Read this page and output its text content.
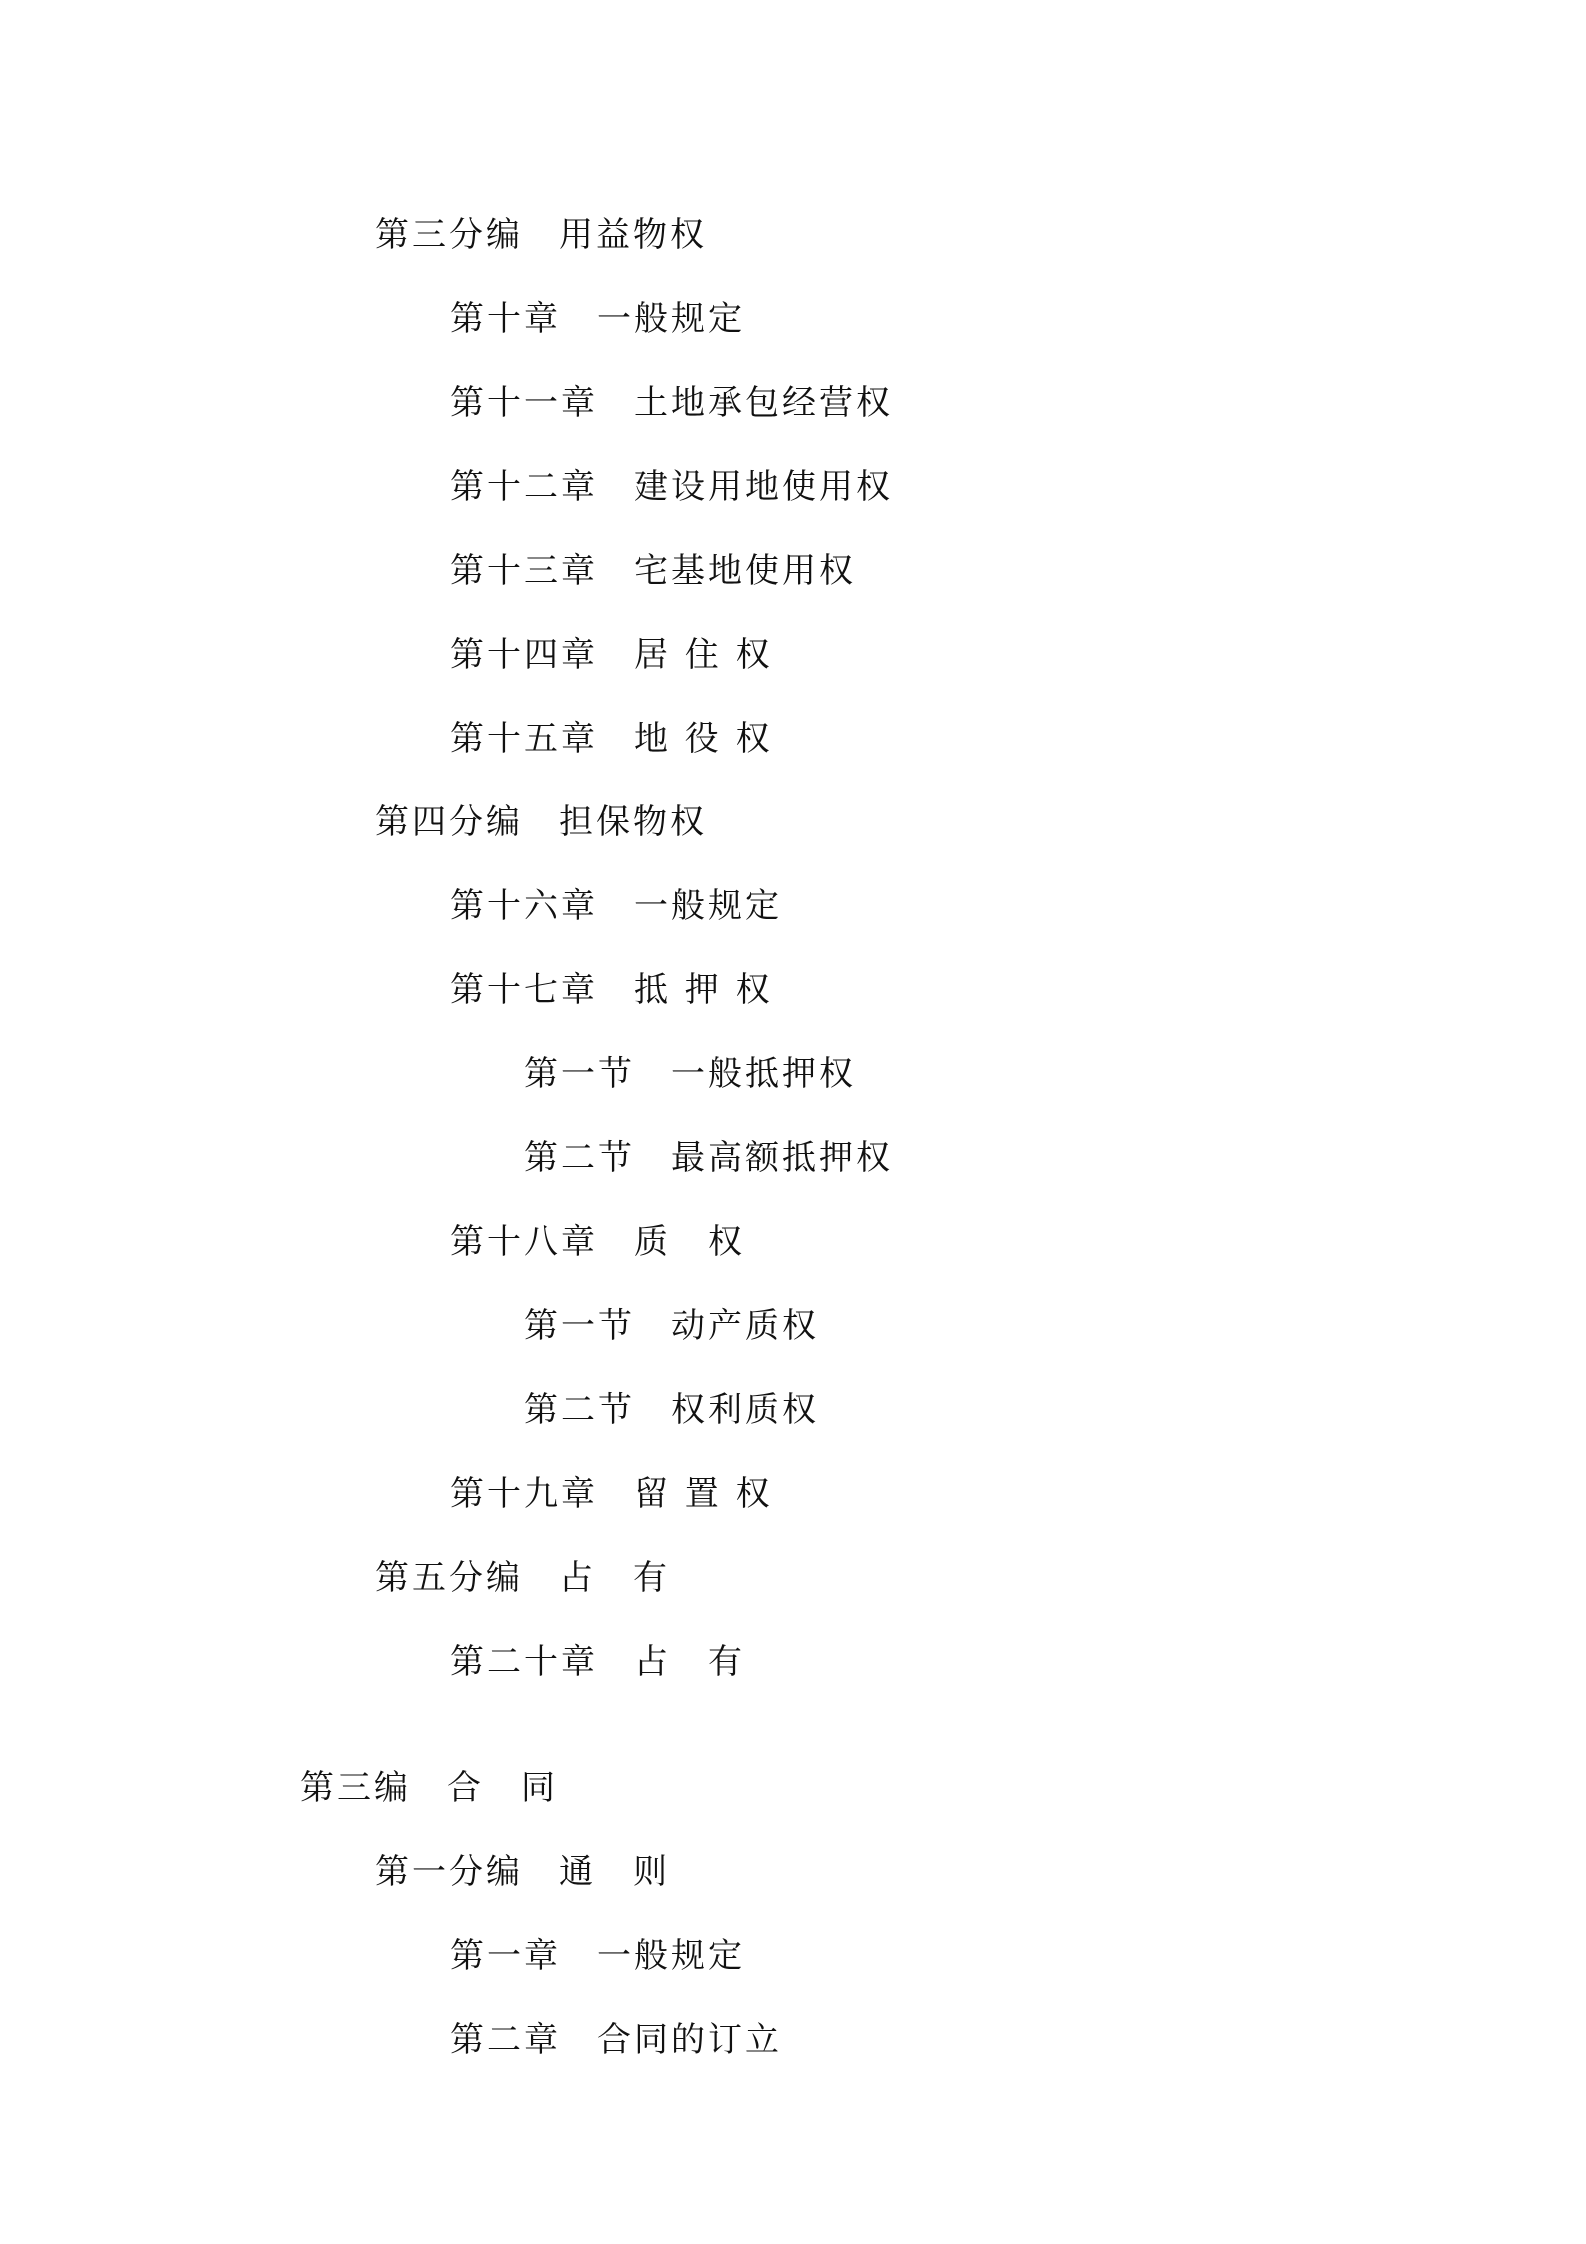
第三分编 用益物权
第十章 一般规定
第十一章 土地承包经营权
第十二章 建设用地使用权
第十三章 宅基地使用权
第十四章 居 住 权
第十五章 地 役 权
第四分编 担保物权
第十六章 一般规定
第十七章 抵 押 权
第一节 一般抵押权
第二节 最高额抵押权
第十八章 质　权
第一节 动产质权
第二节 权利质权
第十九章 留 置 权
第五分编 占　有
第二十章 占　有
第三编 合　同
第一分编 通　则
第一章 一般规定
第二章 合同的订立
